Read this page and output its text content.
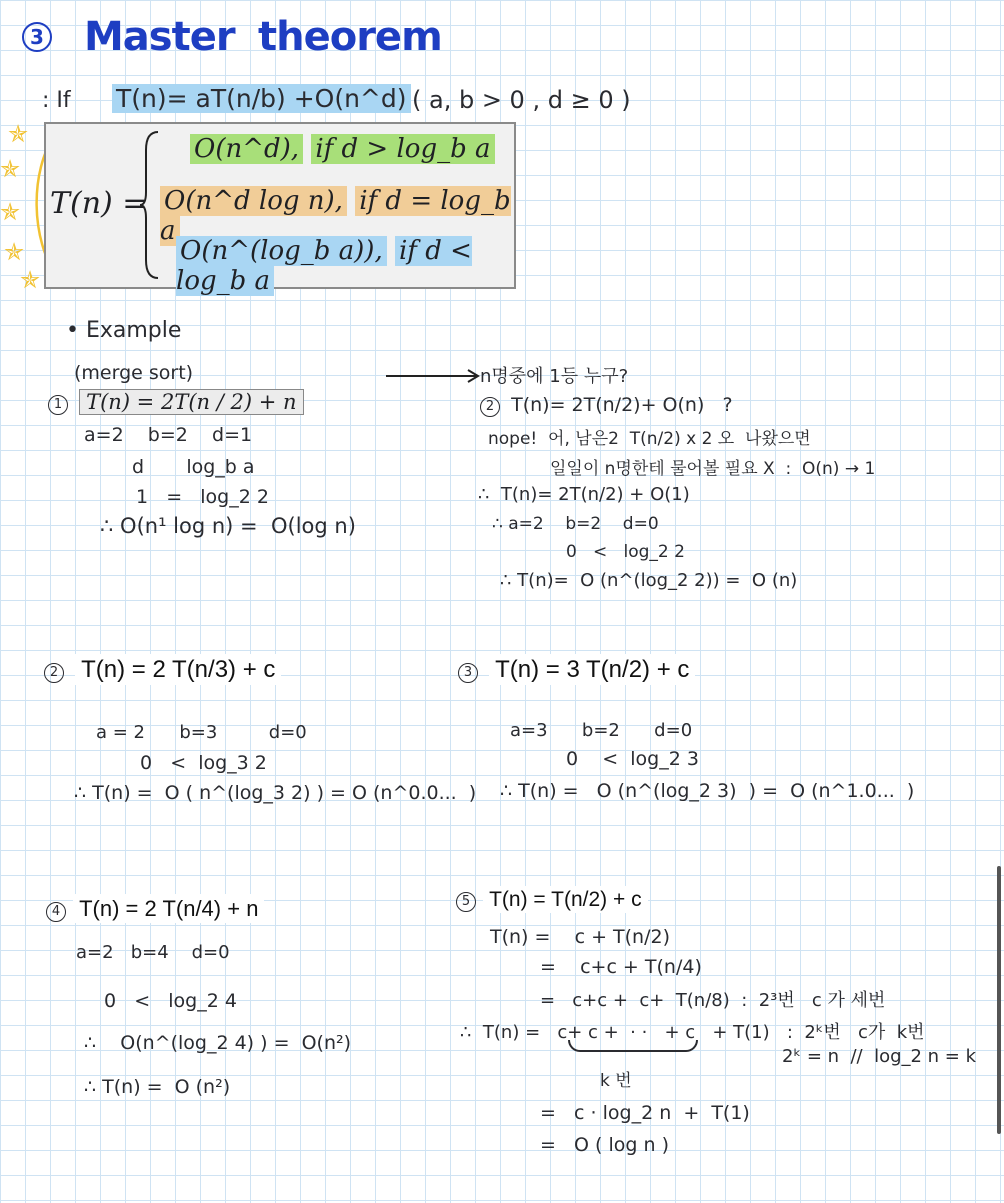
3 Master theorem
: If T(n)= aT(n/b) +O(n^d) ( a, b > 0 , d ≥ 0 )
✯
✯
✯
✯
✯
T(n) =
O(n^d), if d > log_b a
O(n^d log n), if d = log_b a
O(n^(log_b a)), if d < log_b a
• Example
(merge sort)	n명중에 1등 누구?
1 T(n) = 2T(n / 2) + n
a=2    b=2    d=1
d       log_b a
1   =   log_2 2
∴ O(n¹ log n) =  O(log n)
2 T(n)= 2T(n/2)+ O(n)   ?
nope!  어, 남은2  T(n/2) x 2 오  나왔으면
일일이 n명한테 물어볼 필요 X  :  O(n) → 1
∴  T(n)= 2T(n/2) + O(1)
∴ a=2    b=2    d=0
0   <   log_2 2
∴ T(n)=  O (n^(log_2 2)) =  O (n)
2 T(n) = 2 T(n/3) + c
a = 2      b=3         d=0
0   <  log_3 2
∴ T(n) =  O ( n^(log_3 2) ) = O (n^0.0...  )
3 T(n) = 3 T(n/2) + c
a=3      b=2      d=0
0    <  log_2 3
∴ T(n) =   O (n^(log_2 3)  ) =  O (n^1.0...  )
4 T(n) = 2 T(n/4) + n
a=2   b=4    d=0
0   <   log_2 4
∴    O(n^(log_2 4) ) =  O(n²)
∴ T(n) =  O (n²)
5 T(n) = T(n/2) + c
T(n) =    c + T(n/2)
=    c+c + T(n/4)
=   c+c +  c+  T(n/8)  :  2³번   c 가 세번
∴  T(n) =   c+ c +  · ·   + c   + T(1)   :  2ᵏ번   c가  k번
2ᵏ = n  //  log_2 n = k
k 번
=   c · log_2 n  +  T(1)
=   O ( log n )
